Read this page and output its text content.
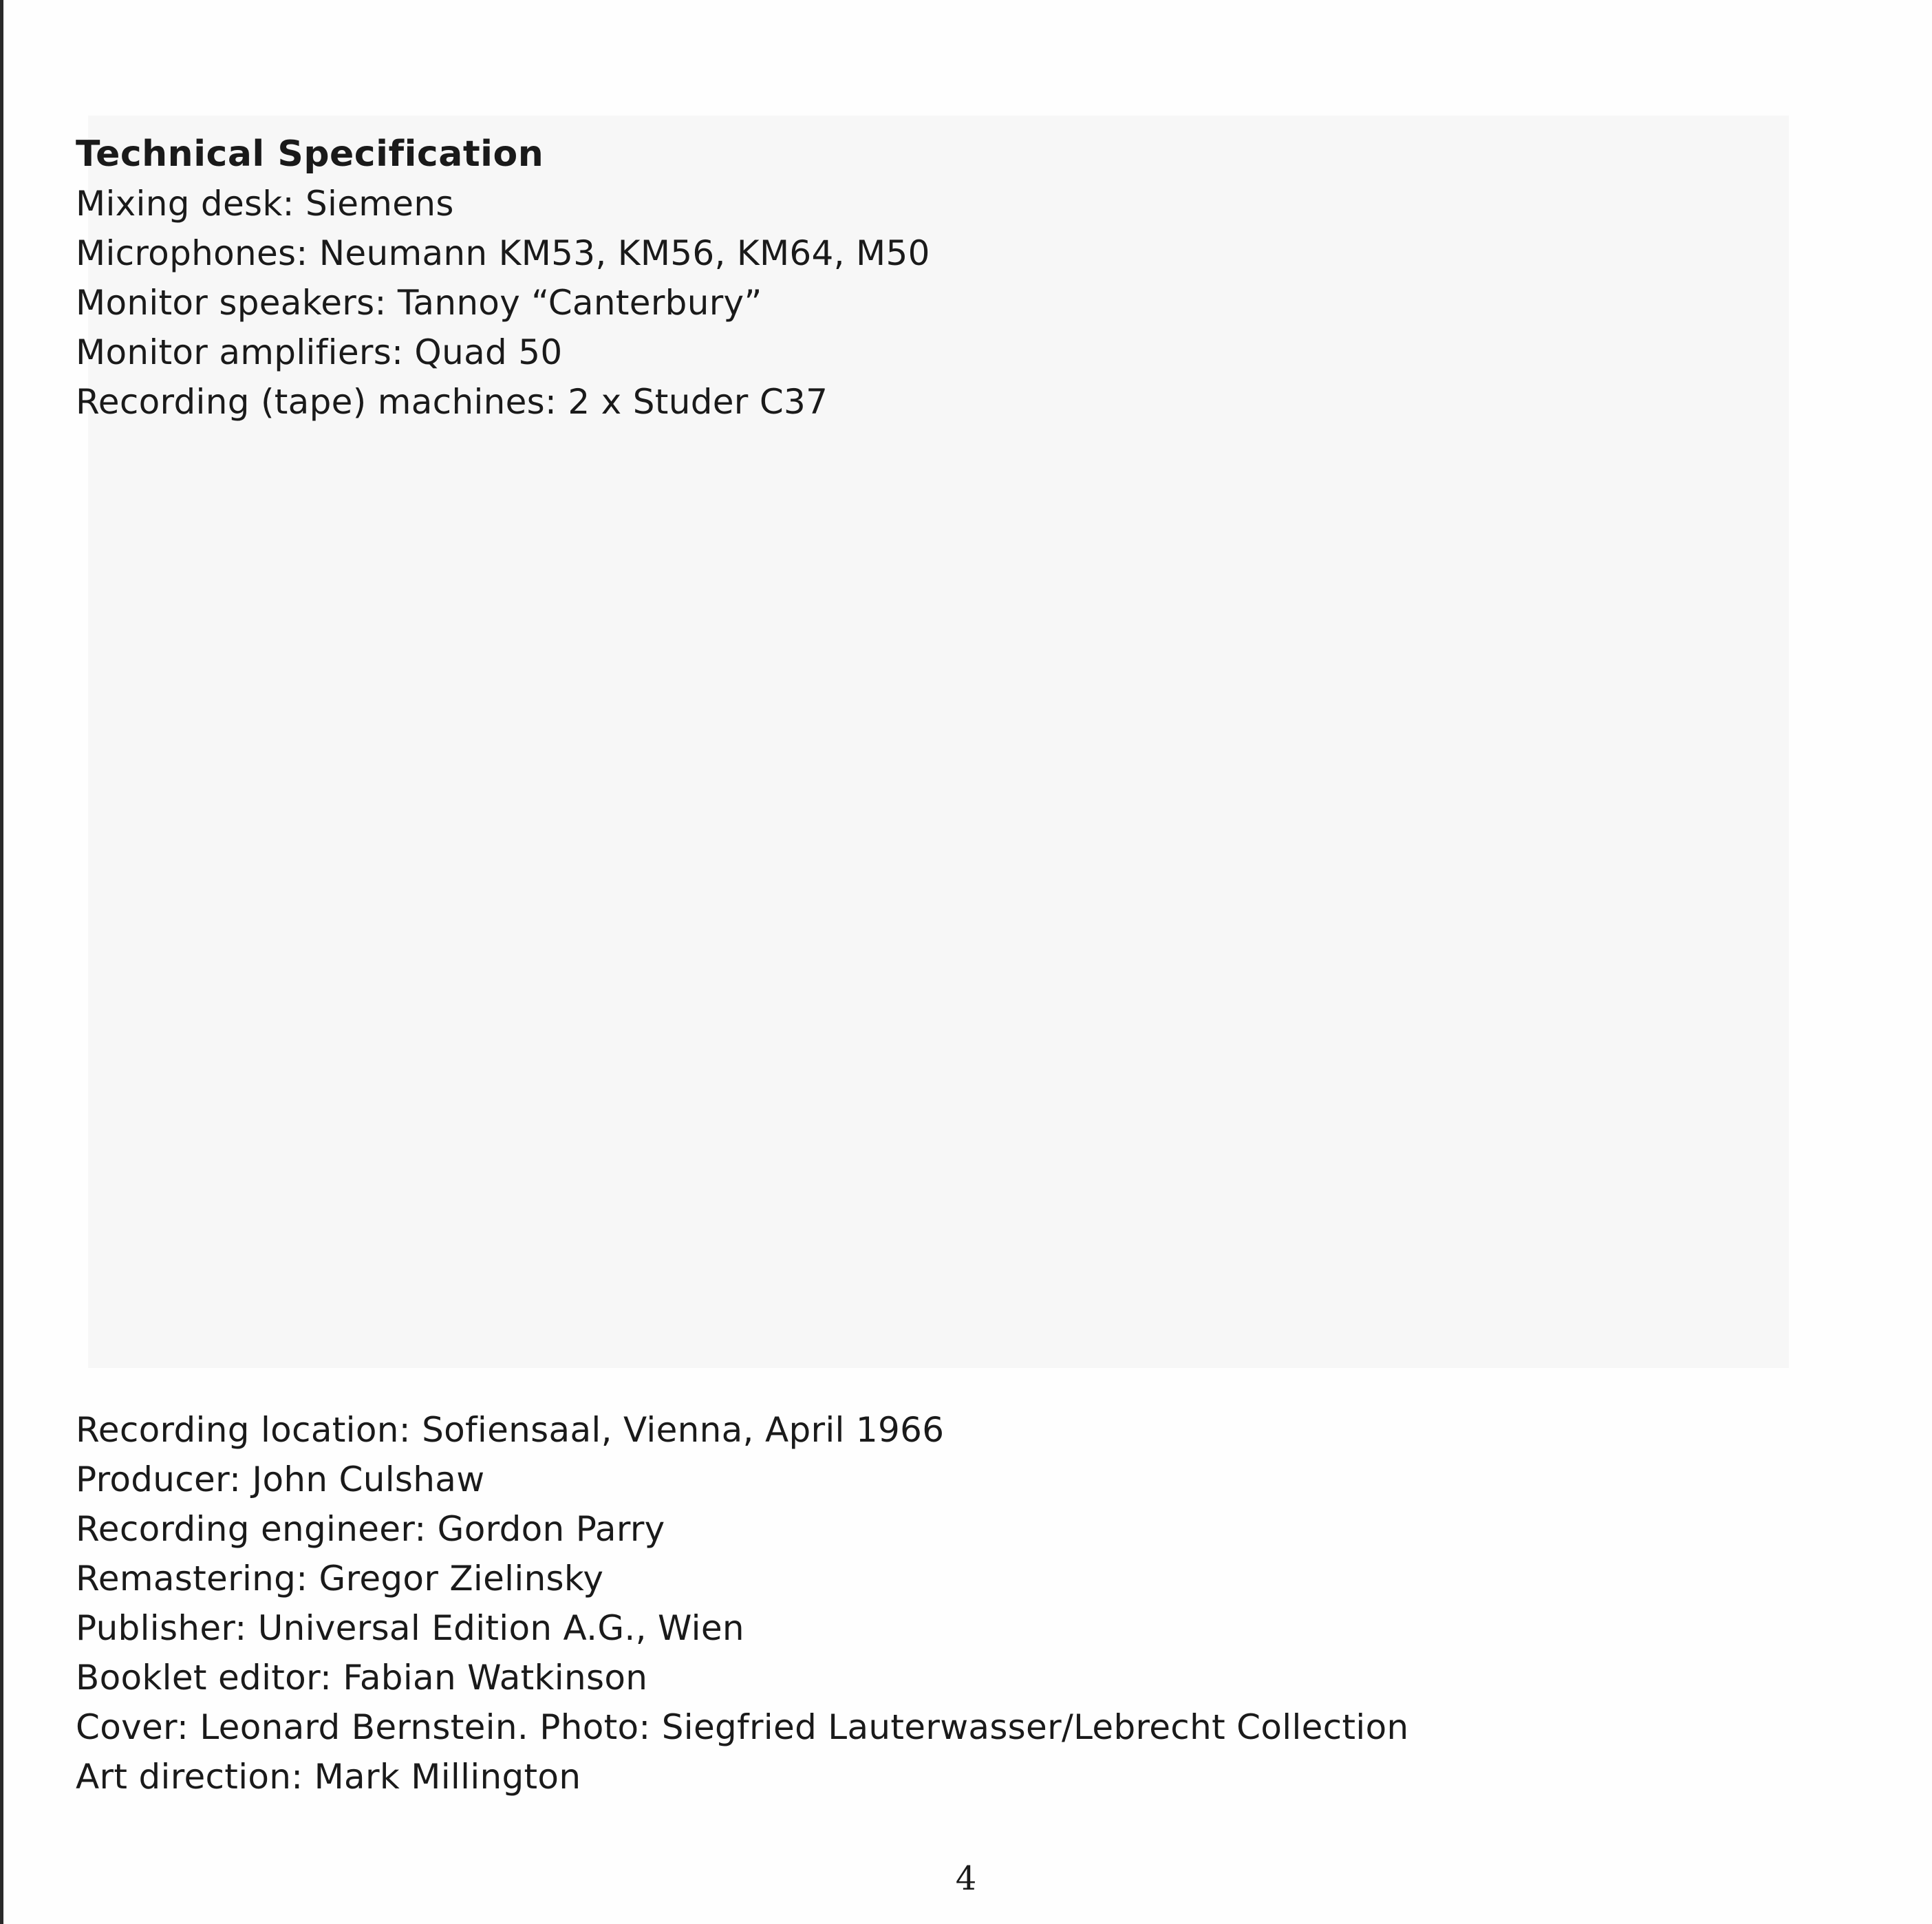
Technical Specification
Mixing desk: Siemens
Microphones: Neumann KM53, KM56, KM64, M50
Monitor speakers: Tannoy “Canterbury”
Monitor amplifiers: Quad 50
Recording (tape) machines: 2 x Studer C37
Recording location: Sofiensaal, Vienna, April 1966
Producer: John Culshaw
Recording engineer: Gordon Parry
Remastering: Gregor Zielinsky
Publisher: Universal Edition A.G., Wien
Booklet editor: Fabian Watkinson
Cover: Leonard Bernstein. Photo: Siegfried Lauterwasser/Lebrecht Collection
Art direction: Mark Millington
4
